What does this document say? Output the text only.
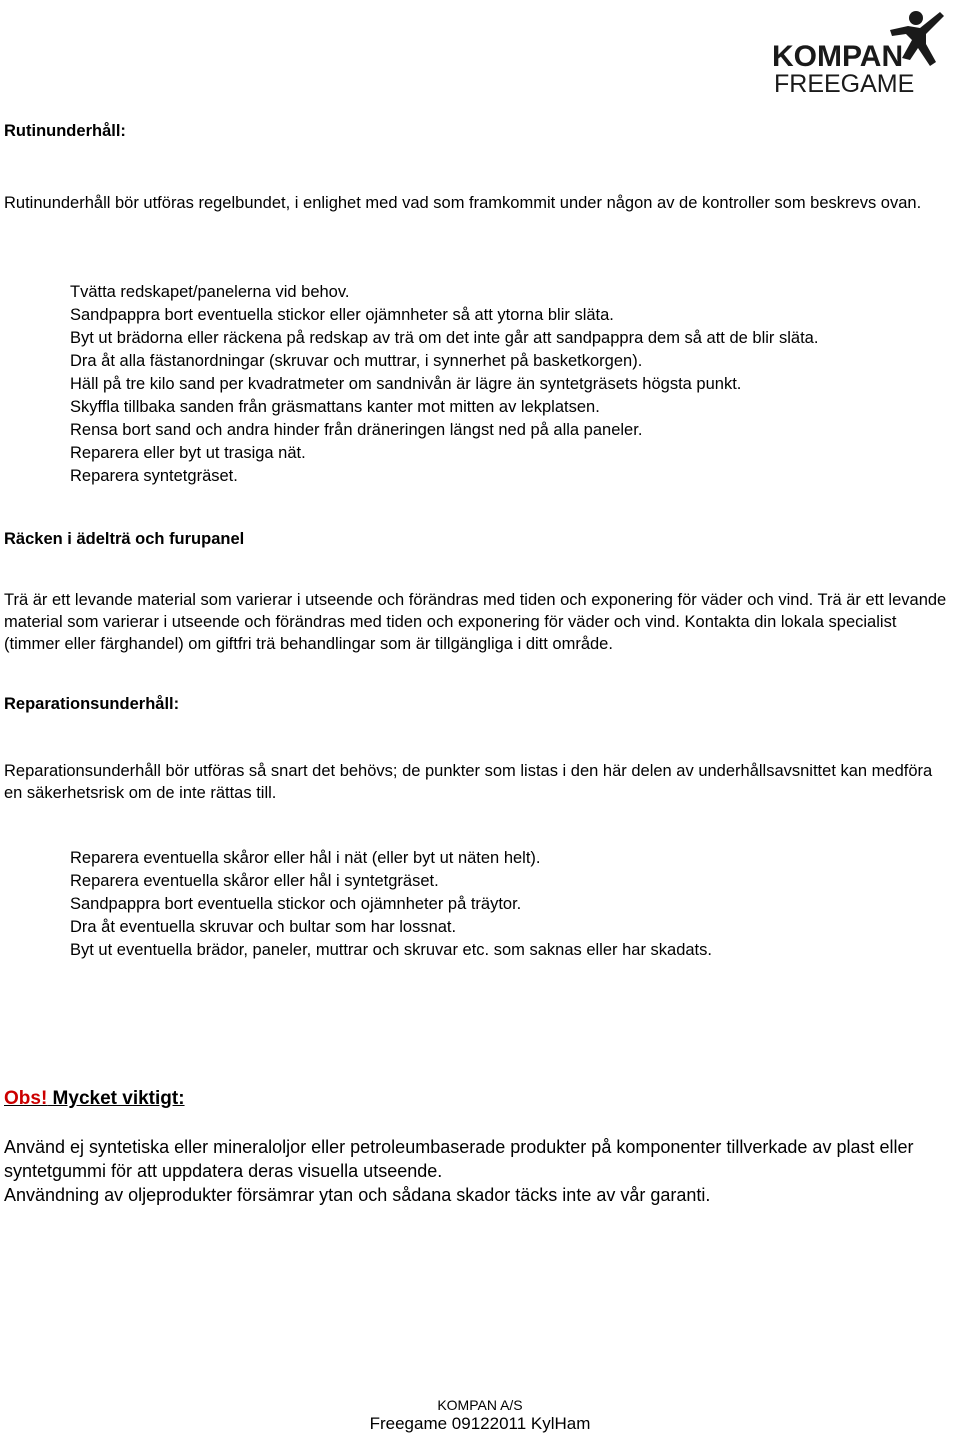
KOMPAN
FREEGAME
Rutinunderhåll:

Rutinunderhåll bör utföras regelbundet, i enlighet med vad som framkommit under någon av de kontroller som beskrevs ovan.

Tvätta redskapet/panelerna vid behov.
Sandpappra bort eventuella stickor eller ojämnheter så att ytorna blir släta.
Byt ut brädorna eller räckena på redskap av trä om det inte går att sandpappra dem så att de blir släta.
Dra åt alla fästanordningar (skruvar och muttrar, i synnerhet på basketkorgen).
Häll på tre kilo sand per kvadratmeter om sandnivån är lägre än syntetgräsets högsta punkt.
Skyffla tillbaka sanden från gräsmattans kanter mot mitten av lekplatsen.
Rensa bort sand och andra hinder från dräneringen längst ned på alla paneler.
Reparera eller byt ut trasiga nät.
Reparera syntetgräset.
Räcken i ädelträ och furupanel

Trä är ett levande material som varierar i utseende och förändras med tiden och exponering för väder och vind. Trä är ett levande material som varierar i utseende och förändras med tiden och exponering för väder och vind. Kontakta din lokala specialist (timmer eller färghandel) om giftfri trä behandlingar som är tillgängliga i ditt område.

Reparationsunderhåll:

Reparationsunderhåll bör utföras så snart det behövs; de punkter som listas i den här delen av underhållsavsnittet kan medföra en säkerhetsrisk om de inte rättas till.

Reparera eventuella skåror eller hål i nät (eller byt ut näten helt).
Reparera eventuella skåror eller hål i syntetgräset.
Sandpappra bort eventuella stickor och ojämnheter på träytor.
Dra åt eventuella skruvar och bultar som har lossnat.
Byt ut eventuella brädor, paneler, muttrar och skruvar etc. som saknas eller har skadats.
Obs! Mycket viktigt:
Använd ej syntetiska eller mineraloljor eller petroleumbaserade produkter på komponenter tillverkade av plast eller syntetgummi för att uppdatera deras visuella utseende.
Användning av oljeprodukter försämrar ytan och sådana skador täcks inte av vår garanti.
KOMPAN A/S
Freegame 09122011 KylHam
